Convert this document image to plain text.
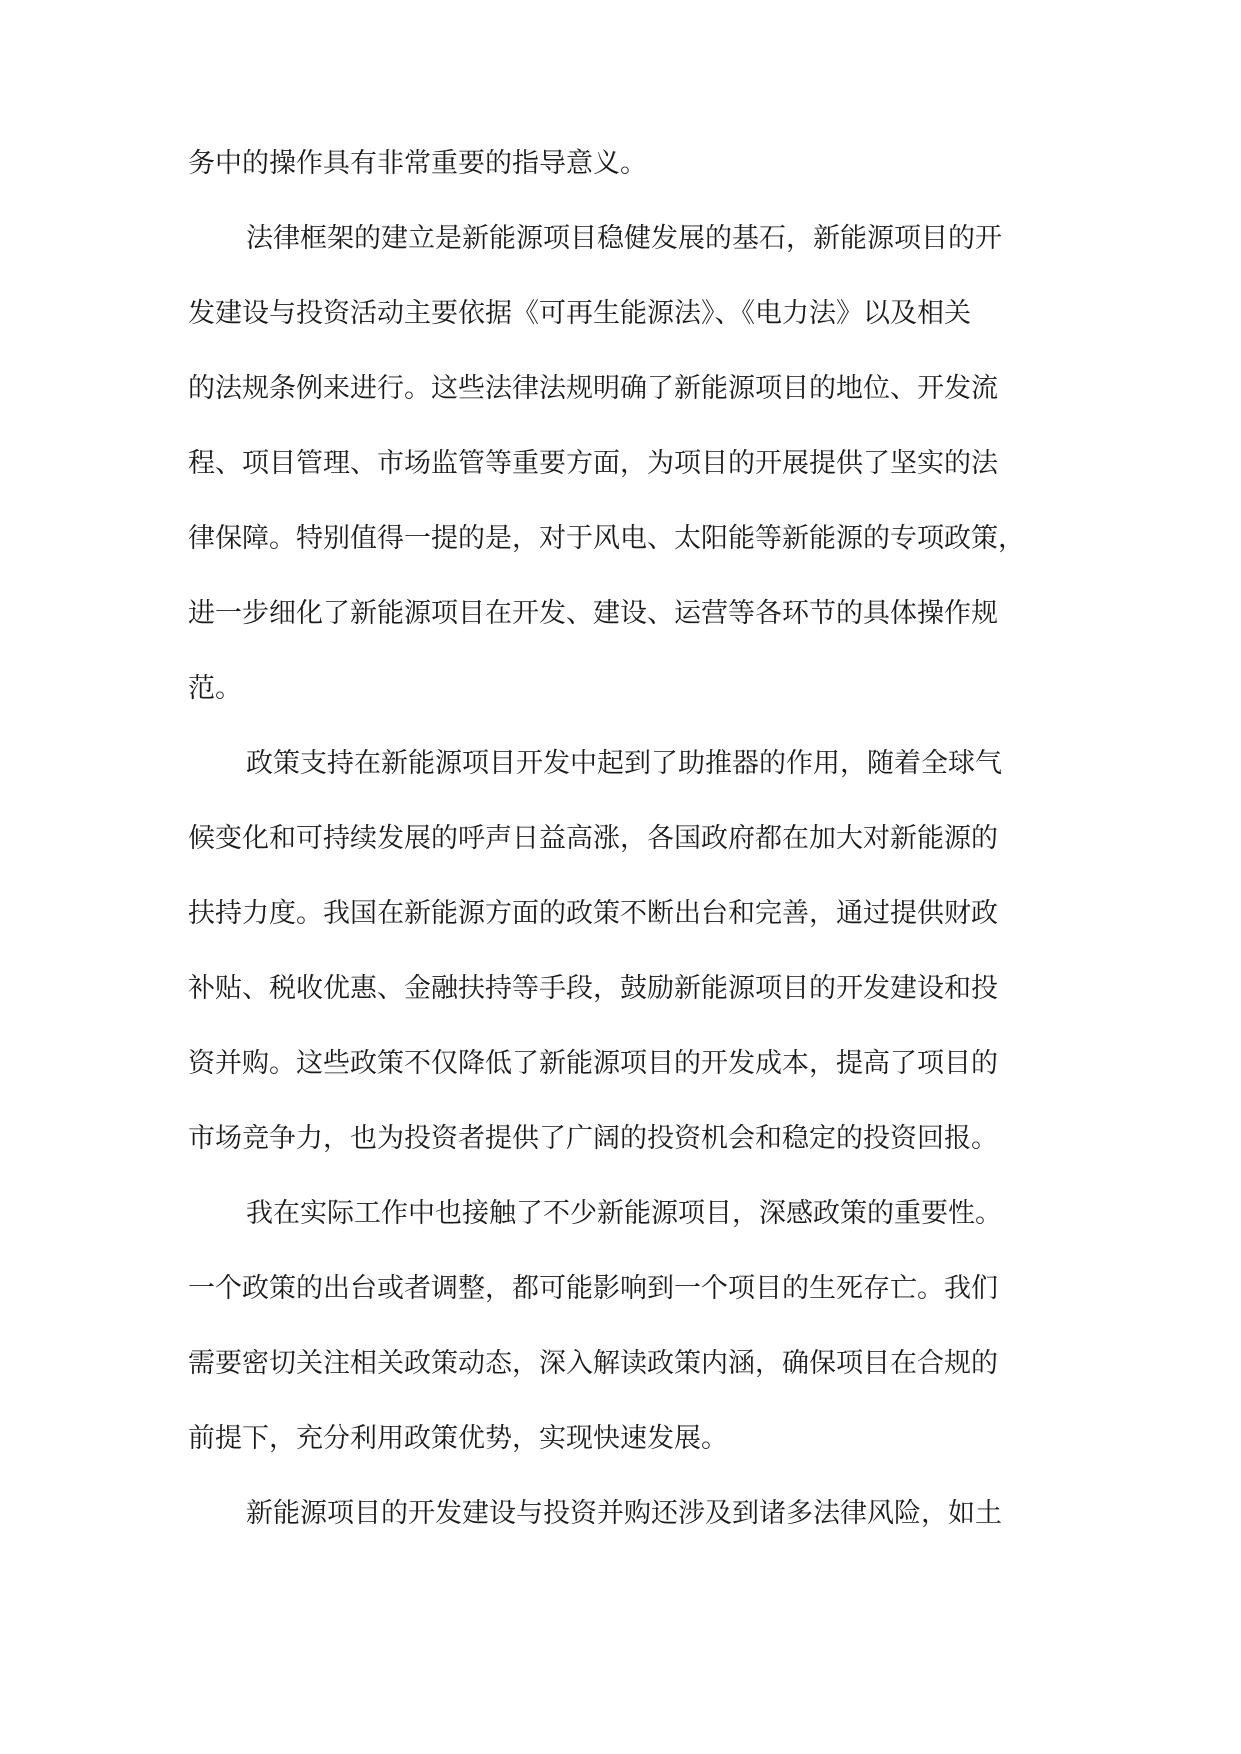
务中的操作具有非常重要的指导意义。
法律框架的建立是新能源项目稳健发展的基石，新能源项目的开
发建设与投资活动主要依据《可再生能源法》、《电力法》以及相关
的法规条例来进行。这些法律法规明确了新能源项目的地位、开发流
程、项目管理、市场监管等重要方面，为项目的开展提供了坚实的法
律保障。特别值得一提的是，对于风电、太阳能等新能源的专项政策，
进一步细化了新能源项目在开发、建设、运营等各环节的具体操作规
范。
政策支持在新能源项目开发中起到了助推器的作用，随着全球气
候变化和可持续发展的呼声日益高涨，各国政府都在加大对新能源的
扶持力度。我国在新能源方面的政策不断出台和完善，通过提供财政
补贴、税收优惠、金融扶持等手段，鼓励新能源项目的开发建设和投
资并购。这些政策不仅降低了新能源项目的开发成本，提高了项目的
市场竞争力，也为投资者提供了广阔的投资机会和稳定的投资回报。
我在实际工作中也接触了不少新能源项目，深感政策的重要性。
一个政策的出台或者调整，都可能影响到一个项目的生死存亡。我们
需要密切关注相关政策动态，深入解读政策内涵，确保项目在合规的
前提下，充分利用政策优势，实现快速发展。
新能源项目的开发建设与投资并购还涉及到诸多法律风险，如土
